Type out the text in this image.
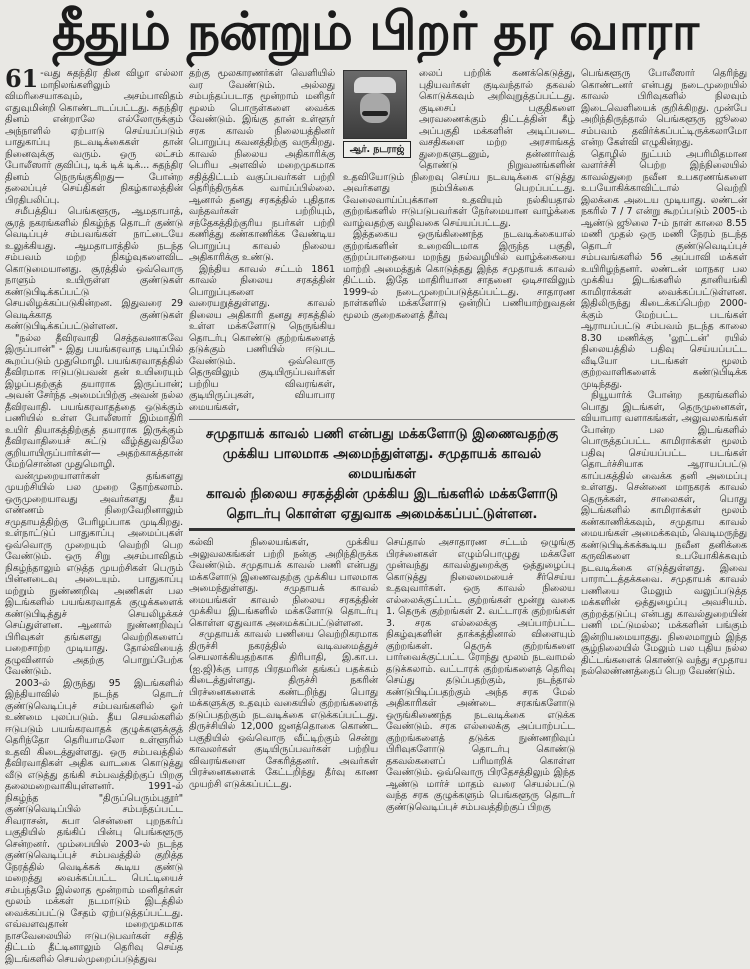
தீதும் நன்றும் பிறர் தர வாரா

61 -வது சுதந்திர தின விழா எல்லா மாநிலங்களிலும் விமரிசையாகவும், அசம்பாவிதம் எதுவுமின்றி கொண்டாடப்பட்டது. சுதந்திர தினம் என்றாலே எல்லோருக்கும் அந்நாளில் ஏற்பாடு செய்யப்படும் பாதுகாப்பு நடவடிக்கைகள் தான் நினைவுக்கு வரும். ஒரு லட்சம் போலீஸார் குவிப்பு, டிக் டிக் டிக்... சுதந்திர தினம் நெருங்குகிறது— போன்ற தலைப்புச் செய்திகள் நிகழ்காலத்தின் பிரதிபலிப்பு.

சமீபத்திய பெங்களூரு, ஆமதாபாத், சூரத் நகரங்களில் நிகழ்ந்த தொடர் குண்டு வெடிப்புச் சம்பவங்கள் நாட்டையே உலுக்கியது. ஆமதாபாத்தில் நடந்த சம்பவம் மற்ற நிகழ்வுகளைவிட கொடுமையானது. சூரத்தில் ஒவ்வொரு நாளும் உயிருள்ள குண்டுகள் கண்டுபிடிக்கப்பட்டு செயலிழக்கப்படுகின்றன. இதுவரை 29 வெடிக்காத குண்டுகள் கண்டுபிடிக்கப்பட்டுள்ளன.

"நல்ல தீவிரவாதி செத்தவனாகவே இருப்பான்" - இது பயங்கரவாத படிப்பில் கூறப்படும் முதுமொழி. பயங்கரவாதத்தில் தீவிரமாக ஈடுபடுபவன் தன் உயிரையும் இழப்பதற்குத் தயாராக இருப்பான்; அவன் சேர்ந்த அமைப்பிற்கு அவன் நல்ல தீவிரவாதி. பயங்கரவாதத்தை ஒடுக்கும் பணியில் உள்ள போலீஸார் இம்மாதிரி உயிர் தியாகத்திற்குத் தயாராக இருக்கும் தீவிரவாதியைச் சுட்டு வீழ்த்துவதிலே குறியாயிருப்பார்கள்— அதற்காகத்தான் மேற்சொன்ன முதுமொழி.

வன்முறையாளர்கள் தங்களது முயற்சியில் பல முறை தோற்கலாம். ஒருமுறையாவது அவர்களது தீய எண்ணம் நிறைவேறினாலும் சமுதாயத்திற்கு பேரிழப்பாக முடிகிறது. உள்நாட்டுப் பாதுகாப்பு அமைப்புகள் ஒவ்வொரு முறையும் வெற்றி பெற வேண்டும். ஒரு சிறு அசம்பாவிதம் நிகழ்ந்தாலும் எடுத்த முயற்சிகள் பெரும் பின்னடைவு அடையும். பாதுகாப்பு மற்றும் நுண்ணறிவு அணிகள் பல இடங்களில் பயங்கரவாதக் குழுக்களைக் கண்டுபிடித்துச் செயலிழக்கச் செய்துள்ளன. ஆனால் நுண்ணறிவுப் பிரிவுகள் தங்களது வெற்றிகளைப் பறைசாற்ற முடியாது. தோல்வியைத் தழுவினால் அதற்கு பொறுப்பேற்க வேண்டும்.

2003-ல் இருந்து 95 இடங்களில் இந்தியாவில் நடந்த தொடர் குண்டுவெடிப்புச் சம்பவங்களில் ஓர் உண்மை புலப்படும். தீய செயல்களில் ஈடுபடும் பயங்கரவாதக் குழுக்களுக்குத் தெரிந்தோ தெரியாமலோ உள்ளூரில் உதவி கிடைத்துள்ளது. ஒரு சம்பவத்தில் தீவிரவாதிகள் அதிக வாடகை கொடுத்து வீடு எடுத்து தங்கி சம்பவத்திற்குப் பிறகு தலைமறைவாகியுள்ளனர். 1991-ல் நிகழ்ந்த "திருப்பெரும்புதூர்" குண்டுவெடிப்பில் சம்பந்தப்பட்ட சிவராசன், சுபா சென்னை புறநகர்ப் பகுதியில் தங்கிப் பின்பு பெங்களூரு சென்றனர். மும்பையில் 2003-ல் நடந்த குண்டுவெடிப்புச் சம்பவத்தில் குறித்த நேரத்தில் வெடிக்கக் கூடிய குண்டு மறைத்து வைக்கப்பட்ட பெட்டியைச் சம்பந்தமே இல்லாத மூன்றாம் மனிதர்கள் மூலம் மக்கள் நடமாடும் இடத்தில் வைக்கப்பட்டு சேதம் ஏற்படுத்தப்பட்டது. எவ்வளவுதான் மறைமுகமாக நாசவேலையில் ஈடுபடுபவர்கள் சதித் திட்டம் தீட்டினாலும் தெரிவு செய்த இடங்களில் செயல்முறைப்படுத்துவ

தற்கு மூலகாரணர்கள் வெளியில் வர வேண்டும். அல்லது சம்பந்தப்படாத மூன்றாம் மனிதர் மூலம் பொருள்களை வைக்க வேண்டும். இங்கு தான் உள்ளூர் சரக காவல் நிலையத்தினர் பொறுப்பு கவனத்திற்கு வருகிறது. காவல் நிலைய அதிகாரிக்கு பெரிய அளவில் மறைமுகமாக சதித்திட்டம் வகுப்பவர்கள் பற்றி தெரிந்திருக்க வாய்ப்பில்லை. ஆனால் தனது சரகத்தில் புதிதாக வந்தவர்கள் பற்றியும், சந்தேகத்திற்குரிய நபர்கள் பற்றி கணித்து கண்காணிக்க வேண்டிய பொறுப்பு காவல் நிலைய அதிகாரிக்கு உண்டு.

இந்திய காவல் சட்டம் 1861 காவல் நிலைய சரகத்தின் பொறுப்புகளை வரையறுத்துள்ளது. காவல் நிலைய அதிகாரி தனது சரகத்தில் உள்ள மக்களோடு நெருங்கிய தொடர்பு கொண்டு குற்றங்களைத் தடுக்கும் பணியில் ஈடுபட வேண்டும். ஒவ்வொரு தெருவிலும் குடியிருப்பவர்கள் பற்றிய விவரங்கள், குடியிருப்புகள், வியாபார மையங்கள்,

ஆர். நடராஜ்

லைப் பற்றிக் கணக்கெடுத்து, புதியவர்கள் குடிவந்தால் தகவல் கொடுக்கவும் அறிவுறுத்தப்பட்டது. குடிசைப் பகுதிகளை அரவணைக்கும் திட்டத்தின் கீழ் அப்பகுதி மக்களின் அடிப்படை வசதிகளை மற்ற அரசாங்கத் துறைகளுடனும், தன்னார்வத் தொண்டு நிறுவனங்களின் உதவியோடும் நிறைவு செய்ய நடவடிக்கை எடுத்து அவர்களது நம்பிக்கை பெறப்பட்டது. வேலைவாய்ப்புக்கான உதவியும் நல்கியதால் குற்றங்களில் ஈடுபடுபவர்கள் நேர்மையான வாழ்க்கை வாழ்வதற்கு வழிவகை செய்யப்பட்டது.

இத்தகைய ஒருங்கிணைந்த நடவடிக்கையால் குற்றங்களின் உறைவிடமாக இருந்த பகுதி, குற்றப்பாதையை மறந்து நல்வழியில் வாழ்க்கையை மாற்றி அமைத்துக் கொடுத்தது இந்த சமுதாயக் காவல் திட்டம். இதே மாதிரியான சாதனை ஒடிசாவிலும் 1999-ல் நடைமுறைப்படுத்தப்பட்டது. சாதாரண நாள்களில் மக்களோடு ஒன்றிப் பணியாற்றுவதன் மூலம் குறைகளைத் தீர்வு

சமுதாயக் காவல் பணி என்பது மக்களோடு இணைவதற்கு
முக்கிய பாலமாக அமைந்துள்ளது. சமுதாயக் காவல் மையங்கள்
காவல் நிலைய சரகத்தின் முக்கிய இடங்களில் மக்களோடு
தொடர்பு கொள்ள ஏதுவாக அமைக்கப்பட்டுள்ளன.

கல்வி நிலையங்கள், முக்கிய அலுவலகங்கள் பற்றி நன்கு அறிந்திருக்க வேண்டும். சமுதாயக் காவல் பணி என்பது மக்களோடு இணைவதற்கு முக்கிய பாலமாக அமைந்துள்ளது. சமுதாயக் காவல் மையங்கள் காவல் நிலைய சரகத்தின் முக்கிய இடங்களில் மக்களோடு தொடர்பு கொள்ள ஏதுவாக அமைக்கப்பட்டுள்ளன.

சமுதாயக் காவல் பணியை வெற்றிகரமாக திருச்சி நகரத்தில் வடிவமைத்துச் செயலாக்கியதற்காக திரிபாதி, இ.கா.ப. (ஐ.ஜி)க்கு பாரத பிரதமரின் தங்கப் பதக்கம் கிடைத்துள்ளது. திருச்சி நகரின் பிரச்னைகளைக் கண்டறிந்து பொது மக்களுக்கு உதவும் வகையில் குற்றங்களைத் தடுப்பதற்கும் நடவடிக்கை எடுக்கப்பட்டது. திருச்சியில் 12,000 ஜனத்தொகை கொண்ட பகுதியில் ஒவ்வொரு வீட்டிற்கும் சென்று காவலர்கள் குடியிருப்பவர்கள் பற்றிய விவரங்களை சேகரித்தனர். அவர்கள் பிரச்னைகளைக் கேட்டறிந்து தீர்வு காண முயற்சி எடுக்கப்பட்டது.

செய்தால் அசாதாரண சட்டம் ஒழுங்கு பிரச்னைகள் எழும்பொழுது மக்களே முன்வந்து காவல்துறைக்கு ஒத்துழைப்பு கொடுத்து நிலைமையைச் சீர்செய்ய உதவுவார்கள். ஒரு காவல் நிலைய எல்லைக்குட்பட்ட குற்றங்கள் மூன்று வகை 1. தெருக் குற்றங்கள் 2. வட்டாரக் குற்றங்கள் 3. சரக எல்லைக்கு அப்பாற்பட்ட நிகழ்வுகளின் தாக்கத்தினால் விளையும் குற்றங்கள். தெருக் குற்றங்களை பார்வைக்குட்பட்ட ரோந்து மூலம் நடவாமல் தடுக்கலாம். வட்டாரக் குற்றங்களைத் தெரிவு செய்து தடுப்பதற்கும், நடந்தால் கண்டுபிடிப்பதற்கும் அந்த சரக மேல் அதிகாரிகள் அண்டை சரகங்களோடு ஒருங்கிணைந்த நடவடிக்கை எடுக்க வேண்டும். சரக எல்லைக்கு அப்பாற்பட்ட குற்றங்களைத் தடுக்க நுண்ணறிவுப் பிரிவுகளோடு தொடர்பு கொண்டு தகவல்களைப் பரிமாறிக் கொள்ள வேண்டும். ஒவ்வொரு பிரதேசத்திலும் இந்த ஆண்டு மார்ச் மாதம் வரை செயல்பட்டு வந்த சரக குழுக்களும் பெங்களூரு தொடர் குண்டுவெடிப்புச் சம்பவத்திற்குப் பிறகு

பெங்களூரு போலீஸார் தெரிந்து கொண்டனர் என்பது நடைமுறையில் காவல் பிரிவுகளில் நிலவும் இடைவெளியைக் குறிக்கிறது. முன்பே அறிந்திருந்தால் பெங்களூரு ஜூலை சம்பவம் தவிர்க்கப்பட்டிருக்கலாமோ என்ற கேள்வி எழுகின்றது.

தொழில் நுட்பம் அபரிமிதமான வளர்ச்சி பெற்ற இந்நிலையில் காவல்துறை நவீன உபகரணங்களை உபயோகிக்காவிட்டால் வெற்றி இலக்கை அடைய முடியாது. லண்டன் நகரில் 7 / 7 என்று கூறப்படும் 2005-ம் ஆண்டு ஜூலை 7-ம் நாள் காலை 8.55 மணி முதல் ஒரு மணி நேரம் நடந்த தொடர் குண்டுவெடிப்புச் சம்பவங்களில் 56 அப்பாவி மக்கள் உயிரிழந்தனர். லண்டன் மாநகர பல முக்கிய இடங்களில் தானியங்கி காமிராக்கள் வைக்கப்பட்டுள்ளன. இதிலிருந்து கிடைக்கப்பெற்ற 2000-க்கும் மேற்பட்ட படங்கள் ஆராயப்பட்டு சம்பவம் நடந்த காலை 8.30 மணிக்கு 'லூட்டன்' ரயில் நிலையத்தில் பதிவு செய்யப்பட்ட வீடியோ படங்கள் மூலம் குற்றவாளிகளைக் கண்டுபிடிக்க முடிந்தது.

நியூயார்க் போன்ற நகரங்களில் பொது இடங்கள், தெருமுனைகள், வியாபார வளாகங்கள், அலுவலகங்கள் போன்ற பல இடங்களில் பொருத்தப்பட்ட காமிராக்கள் மூலம் பதிவு செய்யப்பட்ட படங்கள் தொடர்ச்சியாக ஆராயப்பட்டு காப்பகத்தில் வைக்க தனி அமைப்பு உள்ளது. சென்னை மாநகரக் காவல் தெருக்கள், சாலைகள், பொது இடங்களில் காமிராக்கள் மூலம் கண்காணிக்கவும், சமுதாய காவல் மையங்கள் அமைக்கவும், வெடிமருந்து கண்டுபிடிக்கக்கூடிய நவீன தனிக்கை கருவிகளை உபயோகிக்கவும் நடவடிக்கை எடுத்துள்ளது. இவை பாராட்டத்தக்கவை. சமுதாயக் காவல் பணியை மேலும் வலுப்படுத்த மக்களின் ஒத்துழைப்பு அவசியம். குற்றத்தடுப்பு என்பது காவல்துறையின் பணி மட்டுமல்ல; மக்களின் பங்கும் இன்றியமையாதது. நிலைமாறும் இந்த சூழ்நிலையில் மேலும் பல புதிய நல்ல திட்டங்களைக் கொண்டு வந்து சமுதாய நல்லெண்ணத்தைப் பெற வேண்டும்.
